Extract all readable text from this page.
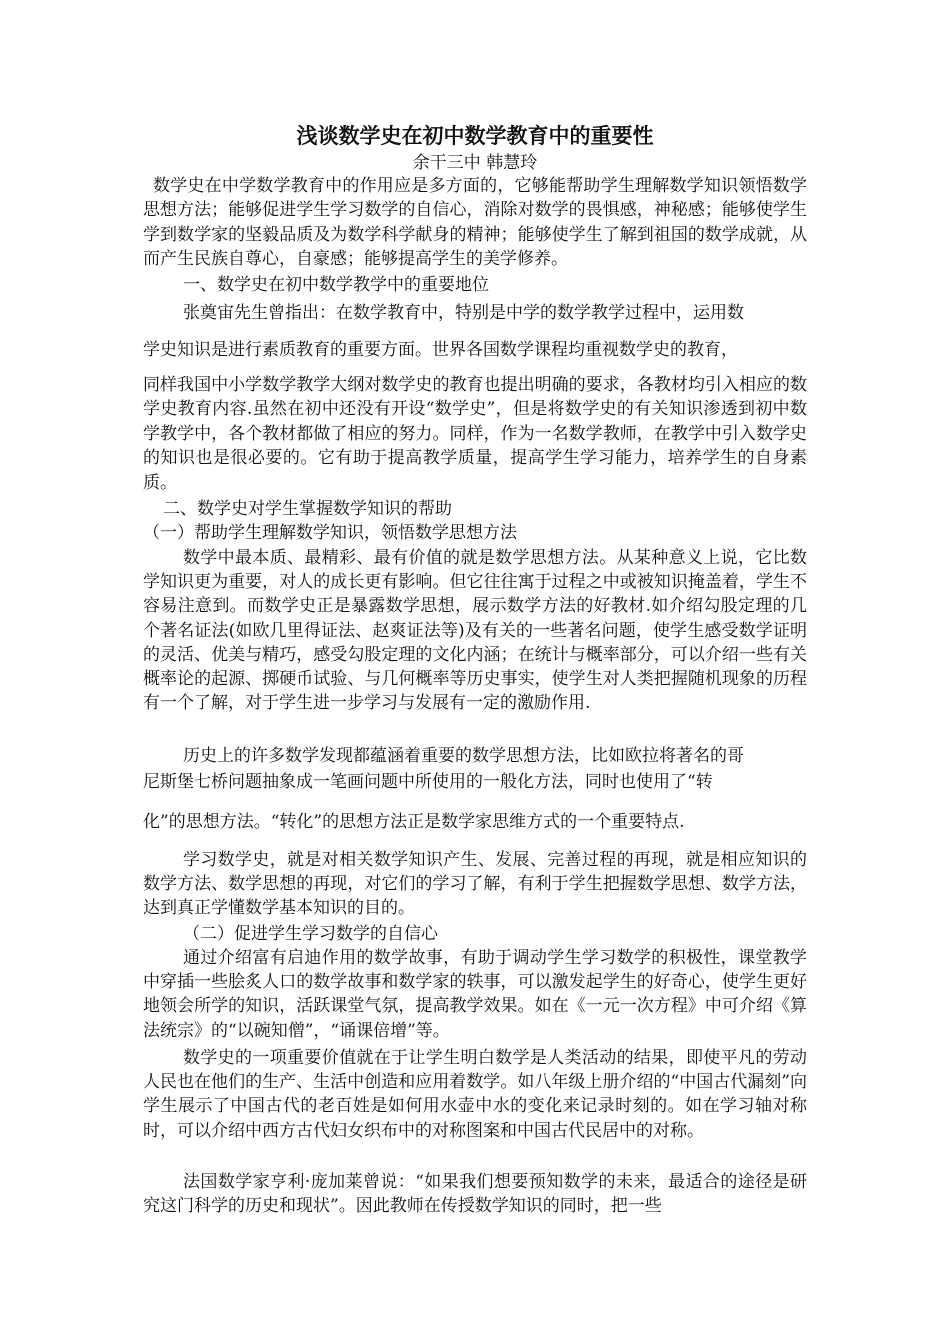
浅谈数学史在初中数学教育中的重要性
余干三中 韩慧玲

数学史在中学数学教育中的作用应是多方面的，它够能帮助学生理解数学知识领悟数学思想方法；能够促进学生学习数学的自信心，消除对数学的畏惧感，神秘感；能够使学生学到数学家的坚毅品质及为数学科学献身的精神；能够使学生了解到祖国的数学成就，从而产生民族自尊心，自豪感；能够提高学生的美学修养。

一、数学史在初中数学教学中的重要地位

张奠宙先生曾指出：在数学教育中，特别是中学的数学教学过程中，运用数

学史知识是进行素质教育的重要方面。世界各国数学课程均重视数学史的教育，

同样我国中小学数学教学大纲对数学史的教育也提出明确的要求，各教材均引入相应的数学史教育内容.虽然在初中还没有开设“数学史”，但是将数学史的有关知识渗透到初中数学教学中，各个教材都做了相应的努力。同样，作为一名数学教师，在教学中引入数学史的知识也是很必要的。它有助于提高教学质量，提高学生学习能力，培养学生的自身素质。

二、数学史对学生掌握数学知识的帮助

（一）帮助学生理解数学知识，领悟数学思想方法

数学中最本质、最精彩、最有价值的就是数学思想方法。从某种意义上说，它比数学知识更为重要，对人的成长更有影响。但它往往寓于过程之中或被知识掩盖着，学生不容易注意到。而数学史正是暴露数学思想，展示数学方法的好教材.如介绍勾股定理的几个著名证法(如欧几里得证法、赵爽证法等)及有关的一些著名问题，使学生感受数学证明的灵活、优美与精巧，感受勾股定理的文化内涵；在统计与概率部分，可以介绍一些有关概率论的起源、掷硬币试验、与几何概率等历史事实，使学生对人类把握随机现象的历程有一个了解，对于学生进一步学习与发展有一定的激励作用.

历史上的许多数学发现都蕴涵着重要的数学思想方法，比如欧拉将著名的哥

尼斯堡七桥问题抽象成一笔画问题中所使用的一般化方法，同时也使用了“转

化”的思想方法。“转化”的思想方法正是数学家思维方式的一个重要特点.

学习数学史，就是对相关数学知识产生、发展、完善过程的再现，就是相应知识的数学方法、数学思想的再现，对它们的学习了解，有利于学生把握数学思想、数学方法，达到真正学懂数学基本知识的目的。

（二）促进学生学习数学的自信心

通过介绍富有启迪作用的数学故事，有助于调动学生学习数学的积极性，课堂教学中穿插一些脍炙人口的数学故事和数学家的轶事，可以激发起学生的好奇心，使学生更好地领会所学的知识，活跃课堂气氛，提高教学效果。如在《一元一次方程》中可介绍《算法统宗》的“以碗知僧”，“诵课倍增”等。

数学史的一项重要价值就在于让学生明白数学是人类活动的结果，即使平凡的劳动人民也在他们的生产、生活中创造和应用着数学。如八年级上册介绍的“中国古代漏刻”向学生展示了中国古代的老百姓是如何用水壶中水的变化来记录时刻的。如在学习轴对称时，可以介绍中西方古代妇女织布中的对称图案和中国古代民居中的对称。

法国数学家亨利·庞加莱曾说：“如果我们想要预知数学的未来，最适合的途径是研究这门科学的历史和现状”。因此教师在传授数学知识的同时，把一些
